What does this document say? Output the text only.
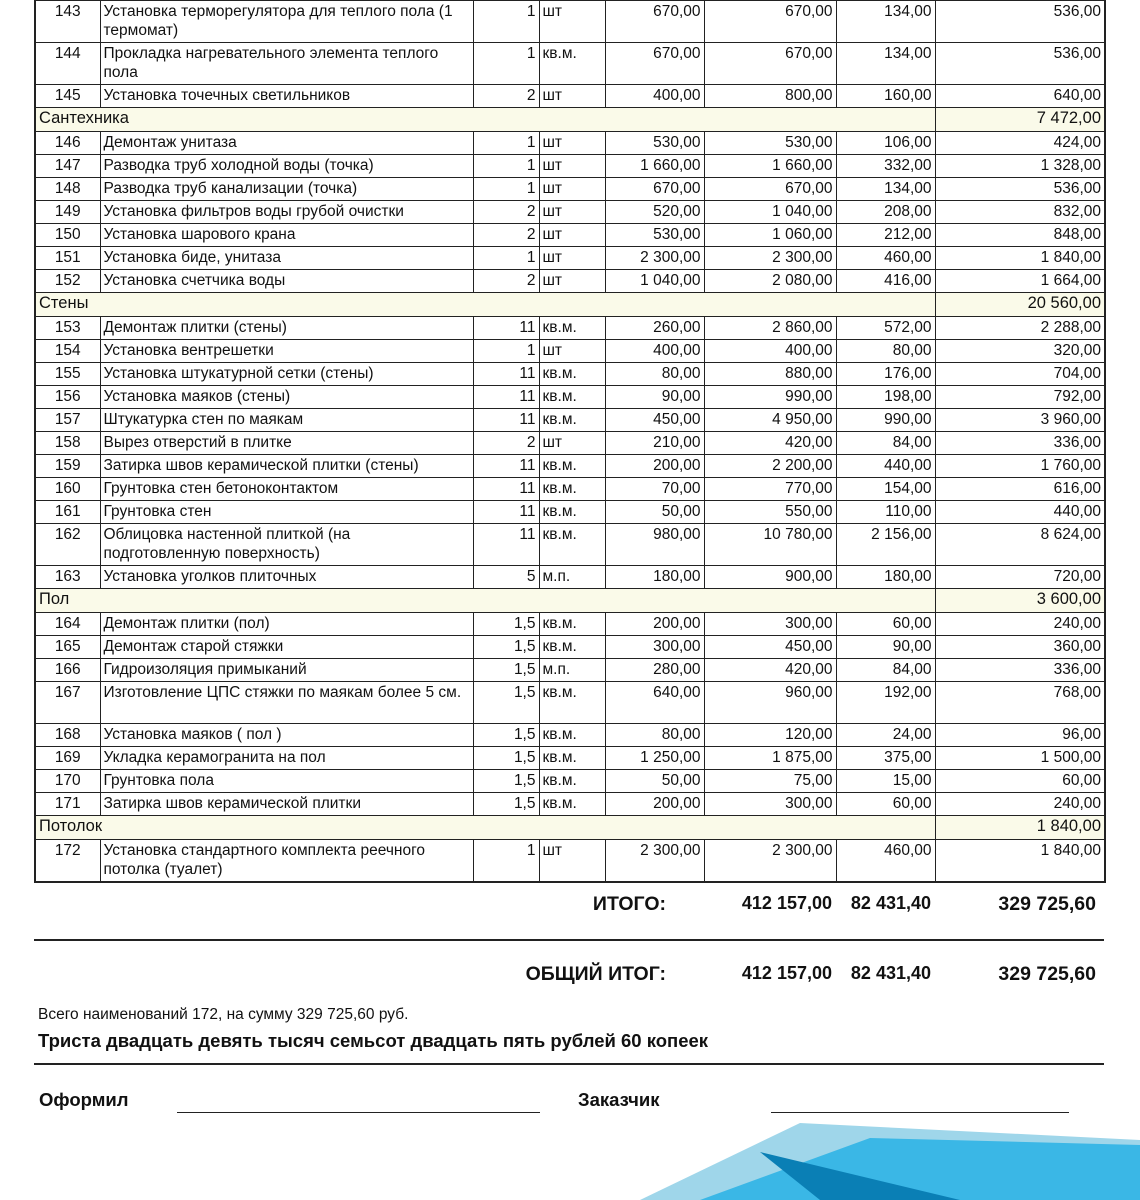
143	Установка терморегулятора для теплого пола (1 термомат)	1	шт	670,00	670,00	134,00	536,00
144	Прокладка нагревательного элемента теплого пола	1	кв.м.	670,00	670,00	134,00	536,00
145	Установка точечных светильников	2	шт	400,00	800,00	160,00	640,00
Сантехника							7 472,00
146	Демонтаж унитаза	1	шт	530,00	530,00	106,00	424,00
147	Разводка труб холодной воды (точка)	1	шт	1 660,00	1 660,00	332,00	1 328,00
148	Разводка труб канализации (точка)	1	шт	670,00	670,00	134,00	536,00
149	Установка фильтров воды грубой очистки	2	шт	520,00	1 040,00	208,00	832,00
150	Установка шарового крана	2	шт	530,00	1 060,00	212,00	848,00
151	Установка биде, унитаза	1	шт	2 300,00	2 300,00	460,00	1 840,00
152	Установка счетчика воды	2	шт	1 040,00	2 080,00	416,00	1 664,00
Стены							20 560,00
153	Демонтаж плитки (стены)	11	кв.м.	260,00	2 860,00	572,00	2 288,00
154	Установка вентрешетки	1	шт	400,00	400,00	80,00	320,00
155	Установка штукатурной сетки (стены)	11	кв.м.	80,00	880,00	176,00	704,00
156	Установка маяков (стены)	11	кв.м.	90,00	990,00	198,00	792,00
157	Штукатурка стен по маякам	11	кв.м.	450,00	4 950,00	990,00	3 960,00
158	Вырез отверстий в плитке	2	шт	210,00	420,00	84,00	336,00
159	Затирка швов керамической плитки (стены)	11	кв.м.	200,00	2 200,00	440,00	1 760,00
160	Грунтовка стен бетоноконтактом	11	кв.м.	70,00	770,00	154,00	616,00
161	Грунтовка стен	11	кв.м.	50,00	550,00	110,00	440,00
162	Облицовка настенной плиткой (на подготовленную поверхность)	11	кв.м.	980,00	10 780,00	2 156,00	8 624,00
163	Установка уголков плиточных	5	м.п.	180,00	900,00	180,00	720,00
Пол							3 600,00
164	Демонтаж плитки (пол)	1,5	кв.м.	200,00	300,00	60,00	240,00
165	Демонтаж старой стяжки	1,5	кв.м.	300,00	450,00	90,00	360,00
166	Гидроизоляция примыканий	1,5	м.п.	280,00	420,00	84,00	336,00
167	Изготовление ЦПС стяжки по маякам более 5 см.	1,5	кв.м.	640,00	960,00	192,00	768,00
168	Установка маяков ( пол )	1,5	кв.м.	80,00	120,00	24,00	96,00
169	Укладка керамогранита на пол	1,5	кв.м.	1 250,00	1 875,00	375,00	1 500,00
170	Грунтовка пола	1,5	кв.м.	50,00	75,00	15,00	60,00
171	Затирка швов керамической плитки	1,5	кв.м.	200,00	300,00	60,00	240,00
Потолок							1 840,00
172	Установка стандартного комплекта реечного потолка (туалет)	1	шт	2 300,00	2 300,00	460,00	1 840,00
ИТОГО:	412 157,00 82 431,40	329 725,60
ОБЩИЙ ИТОГ:	412 157,00 82 431,40	329 725,60
Всего наименований 172, на сумму 329 725,60 руб.
Триста двадцать девять тысяч семьсот двадцать пять рублей 60 копеек
Оформил	Заказчик
